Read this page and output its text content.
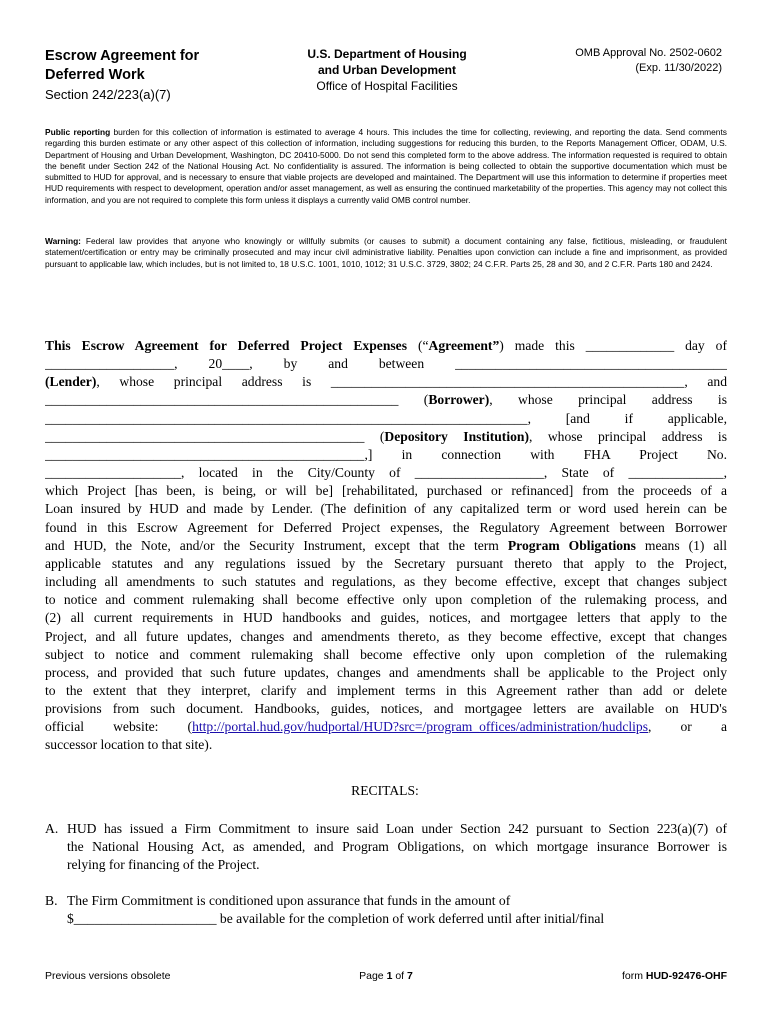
Escrow Agreement for
Deferred Work
Section 242/223(a)(7)
U.S. Department of Housing
and Urban Development
Office of Hospital Facilities
OMB Approval No. 2502-0602
(Exp. 11/30/2022)
Public reporting burden for this collection of information is estimated to average 4 hours. This includes the time for collecting, reviewing, and reporting the data. Send comments regarding this burden estimate or any other aspect of this collection of information, including suggestions for reducing this burden, to the Reports Management Officer, ODAM, U.S. Department of Housing and Urban Development, Washington, DC 20410-5000. Do not send this completed form to the above address. The information requested is required to obtain the benefit under Section 242 of the National Housing Act. No confidentiality is assured. The information is being collected to obtain the supportive documentation which must be submitted to HUD for approval, and is necessary to ensure that viable projects are developed and maintained. The Department will use this information to determine if properties meet HUD requirements with respect to development, operation and/or asset management, as well as ensuring the continued marketability of the properties. This agency may not collect this information, and you are not required to complete this form unless it displays a currently valid OMB control number.
Warning: Federal law provides that anyone who knowingly or willfully submits (or causes to submit) a document containing any false, fictitious, misleading, or fraudulent statement/certification or entry may be criminally prosecuted and may incur civil administrative liability. Penalties upon conviction can include a fine and imprisonment, as provided pursuant to applicable law, which includes, but is not limited to, 18 U.S.C. 1001, 1010, 1012; 31 U.S.C. 3729, 3802; 24 C.F.R. Parts 25, 28 and 30, and 2 C.F.R. Parts 180 and 2424.
This Escrow Agreement for Deferred Project Expenses (“Agreement”) made this _____________ day of
___________________, 20____, by and between ________________________________________
(Lender), whose principal address is ____________________________________________________, and
____________________________________________________ (Borrower), whose principal address is
_______________________________________________________________________, [and if applicable,
_______________________________________________ (Depository Institution), whose principal address is
_______________________________________________,] in connection with FHA Project No.
____________________, located in the City/County of ___________________, State of ______________,
which Project [has been, is being, or will be] [rehabilitated, purchased or refinanced] from the proceeds of a
Loan insured by HUD and made by Lender. (The definition of any capitalized term or word used herein can be
found in this Escrow Agreement for Deferred Project expenses, the Regulatory Agreement between Borrower
and HUD, the Note, and/or the Security Instrument, except that the term Program Obligations means (1) all
applicable statutes and any regulations issued by the Secretary pursuant thereto that apply to the Project,
including all amendments to such statutes and regulations, as they become effective, except that changes subject
to notice and comment rulemaking shall become effective only upon completion of the rulemaking process, and
(2) all current requirements in HUD handbooks and guides, notices, and mortgagee letters that apply to the
Project, and all future updates, changes and amendments thereto, as they become effective, except that changes
subject to notice and comment rulemaking shall become effective only upon completion of the rulemaking
process, and provided that such future updates, changes and amendments shall be applicable to the Project only
to the extent that they interpret, clarify and implement terms in this Agreement rather than add or delete
provisions from such document. Handbooks, guides, notices, and mortgagee letters are available on HUD's
official website: (http://portal.hud.gov/hudportal/HUD?src=/program_offices/administration/hudclips, or a
successor location to that site).
RECITALS:
A. HUD has issued a Firm Commitment to insure said Loan under Section 242 pursuant to Section 223(a)(7) of
the National Housing Act, as amended, and Program Obligations, on which mortgage insurance Borrower is
relying for financing of the Project.
B. The Firm Commitment is conditioned upon assurance that funds in the amount of
$_____________________ be available for the completion of work deferred until after initial/final
Previous versions obsolete	Page 1 of 7	form HUD-92476-OHF
